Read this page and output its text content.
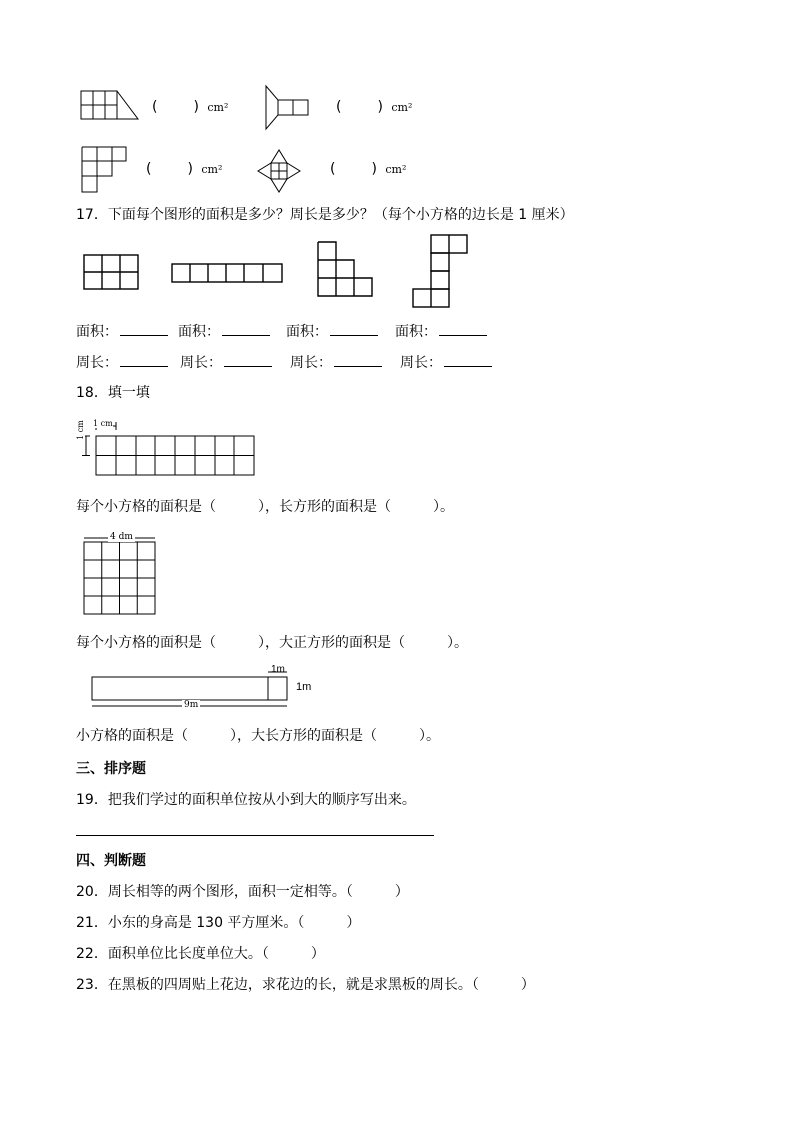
(	) cm²	(	) cm²
(	) cm²	(	) cm²
17．下面每个图形的面积是多少？周长是多少？（每个小方格的边长是 1 厘米）
面积：	面积：	面积：	面积：
周长：	周长：	周长：	周长：
18．填一填
1 cm
1 cm
每个小方格的面积是（　　　），长方形的面积是（　　　）。
4 dm
每个小方格的面积是（　　　），大正方形的面积是（　　　）。
1m
1m
9m
小方格的面积是（　　　），大长方形的面积是（　　　）。
三、排序题
19．把我们学过的面积单位按从小到大的顺序写出来。
四、判断题
20．周长相等的两个图形，面积一定相等。（　　　）
21．小东的身高是 130 平方厘米。（　　　）
22．面积单位比长度单位大。（　　　）
23．在黑板的四周贴上花边，求花边的长，就是求黑板的周长。（　　　）
